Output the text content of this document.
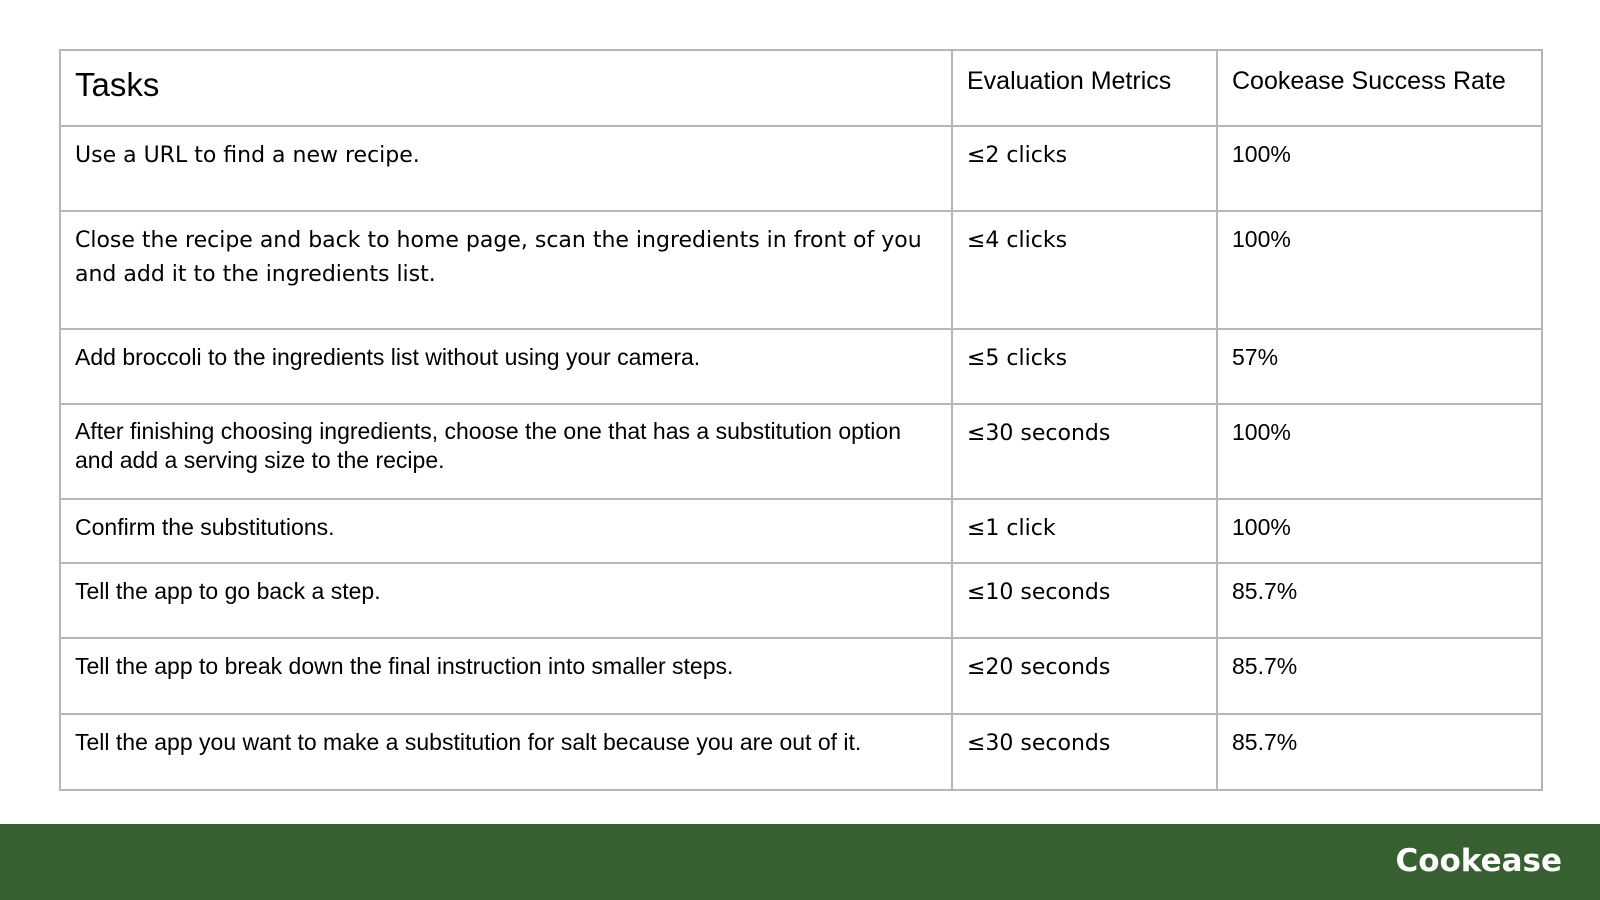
Tasks	Evaluation Metrics	Cookease Success Rate
Use a URL to find a new recipe.	≤2 clicks	100%
Close the recipe and back to home page, scan the ingredients in front of you and add it to the ingredients list.	≤4 clicks	100%
Add broccoli to the ingredients list without using your camera.	≤5 clicks	57%
After finishing choosing ingredients, choose the one that has a substitution option and add a serving size to the recipe.	≤30 seconds	100%
Confirm the substitutions.	≤1 click	100%
Tell the app to go back a step.	≤10 seconds	85.7%
Tell the app to break down the final instruction into smaller steps.	≤20 seconds	85.7%
Tell the app you want to make a substitution for salt because you are out of it.	≤30 seconds	85.7%
Cookease
